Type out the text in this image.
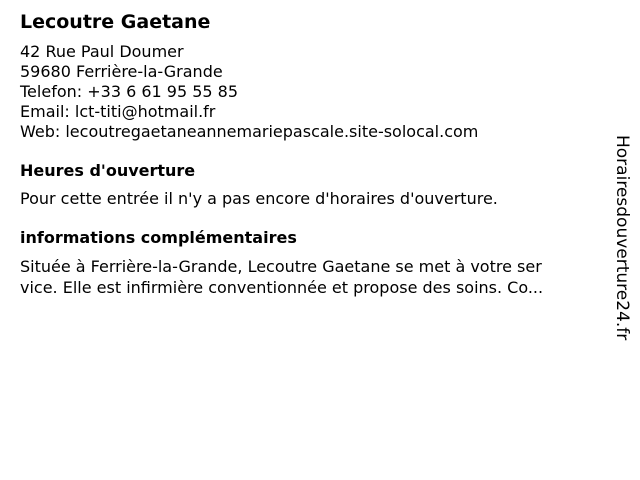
Lecoutre Gaetane
42 Rue Paul Doumer
59680 Ferrière-la-Grande
Telefon: +33 6 61 95 55 85
Email: lct-titi@hotmail.fr
Web: lecoutregaetaneannemariepascale.site-solocal.com
Heures d'ouverture
Pour cette entrée il n'y a pas encore d'horaires d'ouverture.
informations complémentaires
Située à Ferrière-la-Grande, Lecoutre Gaetane se met à votre ser
vice. Elle est infirmière conventionnée et propose des soins. Co...	Horairesdouverture24.fr
